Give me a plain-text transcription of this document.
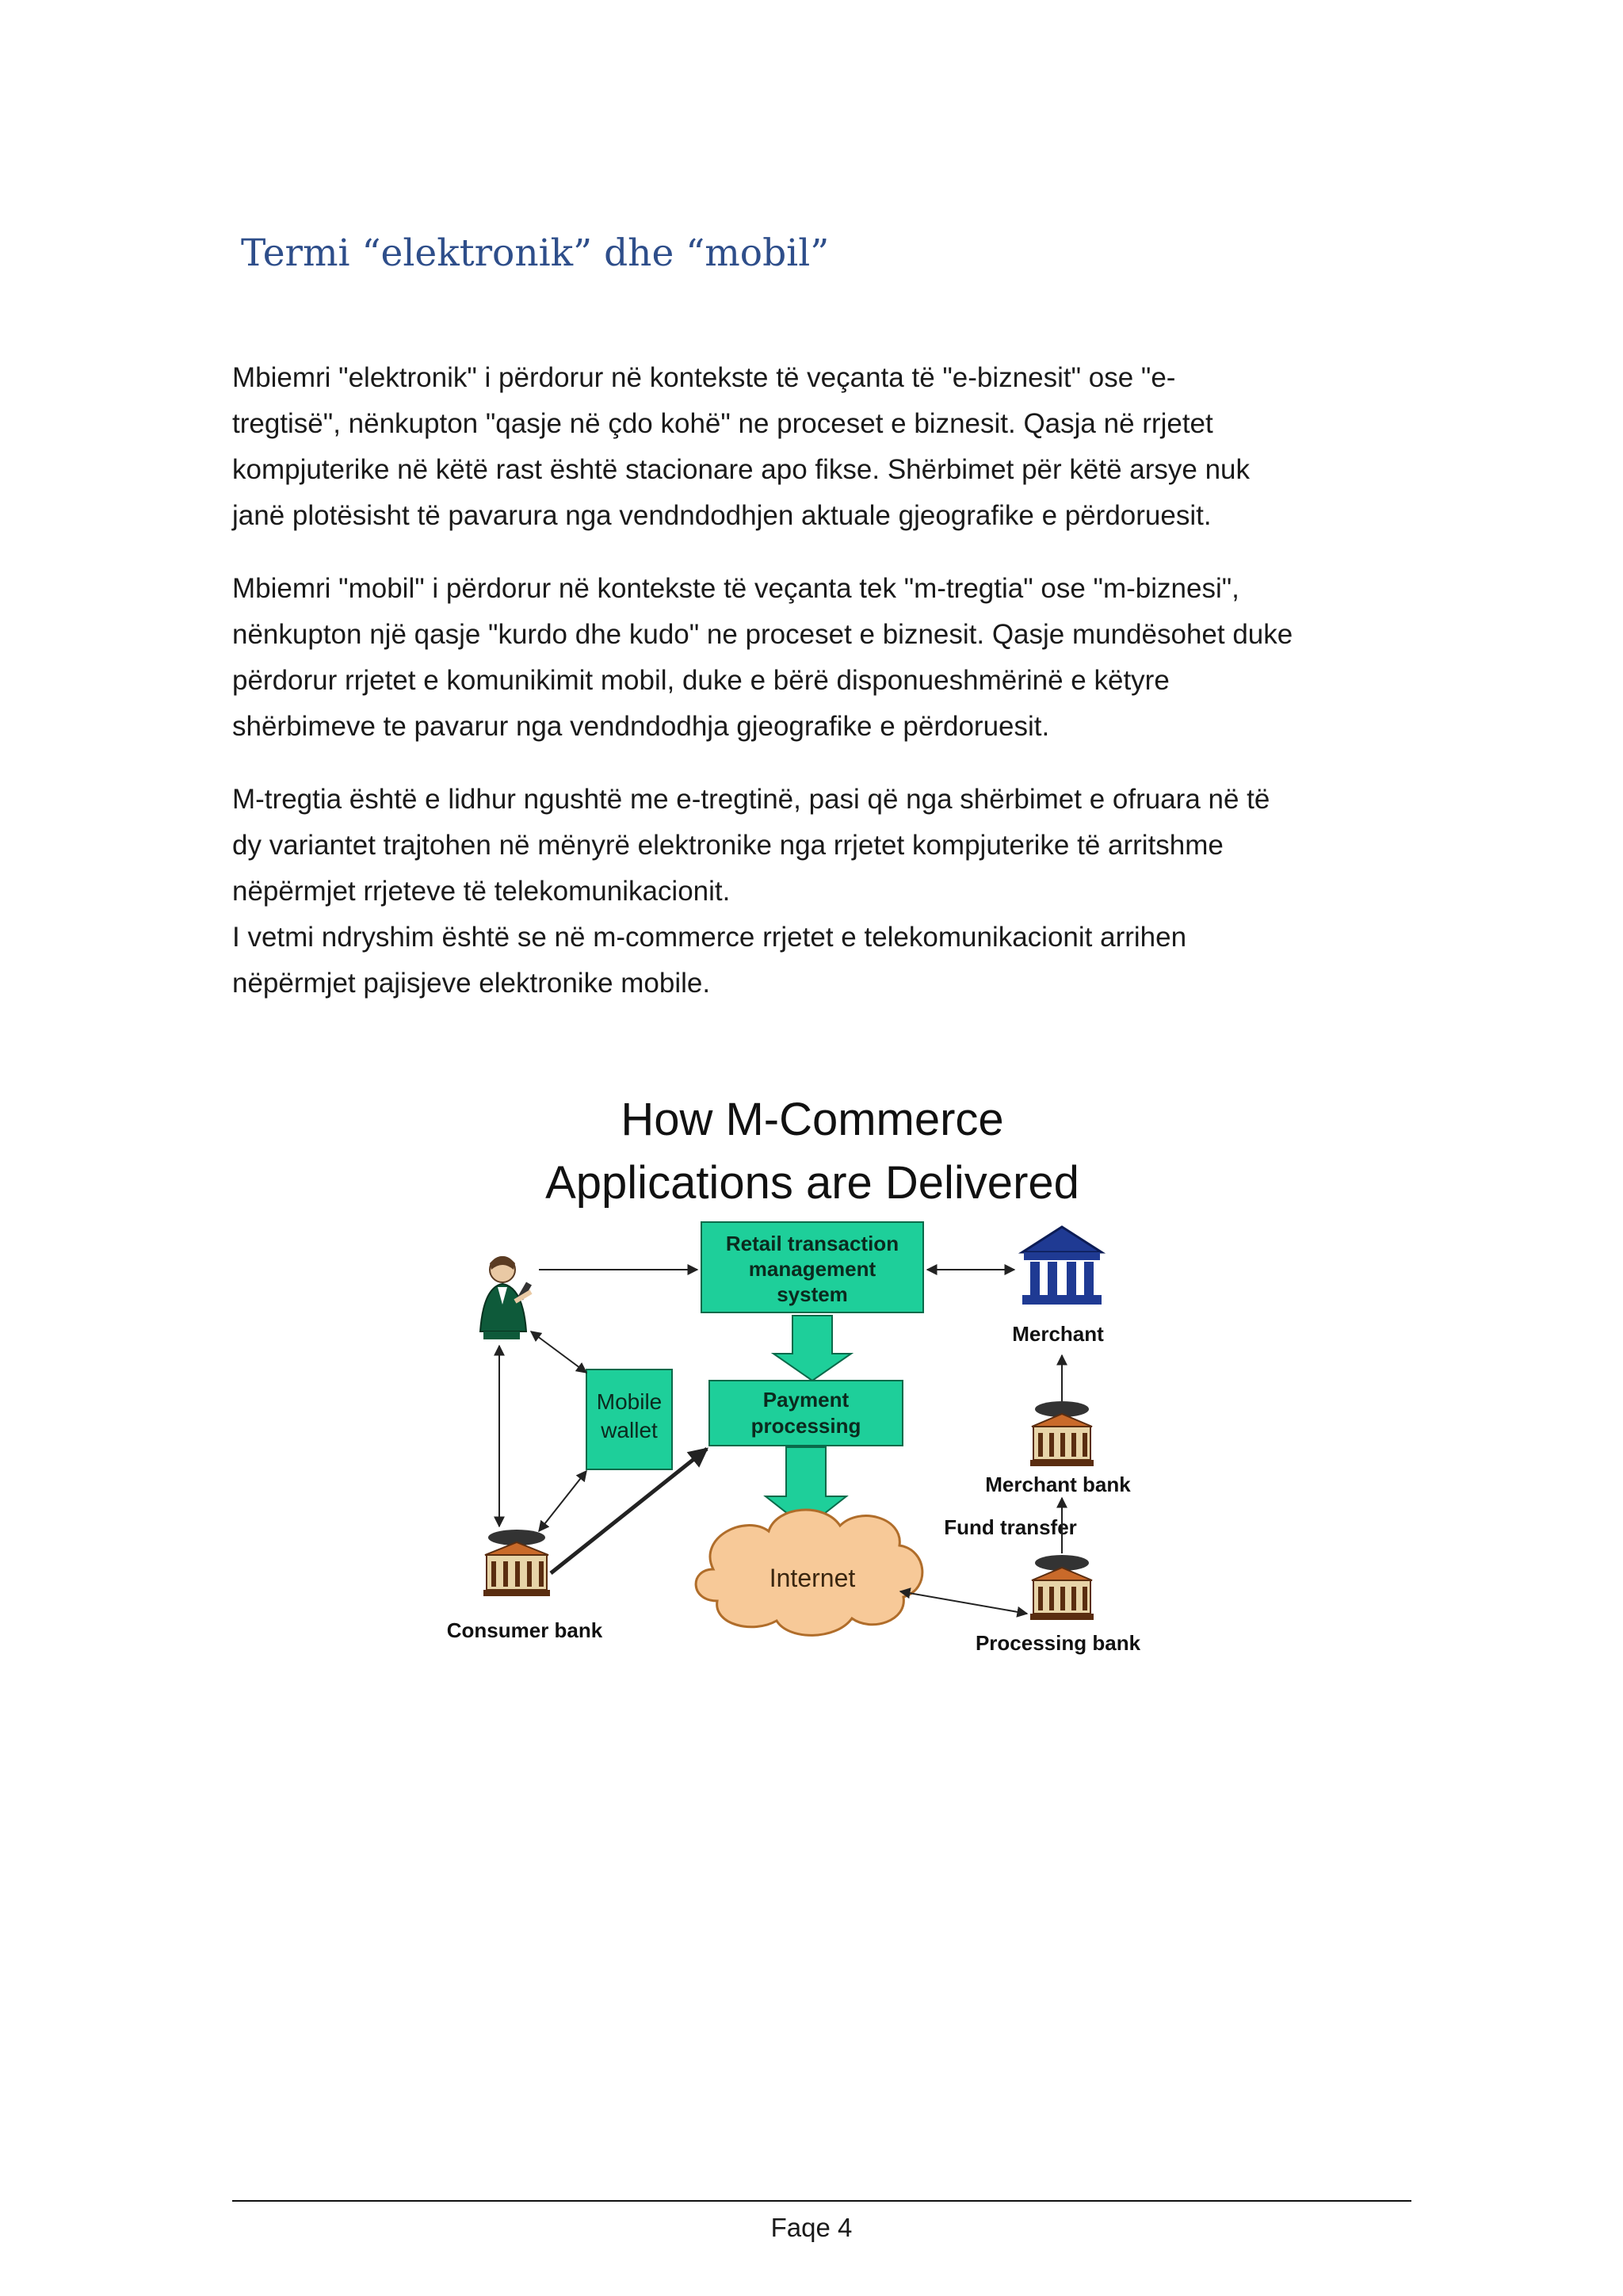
Termi “elektronik” dhe “mobil”

Mbiemri "elektronik" i përdorur në kontekste të veçanta të "e-biznesit" ose "e-
tregtisë", nënkupton "qasje në çdo kohë" ne proceset e biznesit. Qasja në rrjetet
kompjuterike në këtë rast është stacionare apo fikse. Shërbimet për këtë arsye nuk
janë plotësisht të pavarura nga vendndodhjen aktuale gjeografike e përdoruesit.

Mbiemri "mobil" i përdorur në kontekste të veçanta tek "m-tregtia" ose "m-biznesi",
nënkupton një qasje "kurdo dhe kudo" ne proceset e biznesit. Qasje mundësohet duke
përdorur rrjetet e komunikimit mobil, duke e bërë disponueshmërinë e këtyre
shërbimeve te pavarur nga vendndodhja gjeografike e përdoruesit.

M-tregtia është e lidhur ngushtë me e-tregtinë, pasi që nga shërbimet e ofruara në të
dy variantet trajtohen në mënyrë elektronike nga rrjetet kompjuterike të arritshme
nëpërmjet rrjeteve të telekomunikacionit.
I vetmi ndryshim është se në m-commerce rrjetet e telekomunikacionit arrihen
nëpërmjet pajisjeve elektronike mobile.

How M-Commerce
Applications are Delivered
Merchant
Retail transaction
management
system
Payment
processing
Mobile
wallet
Internet
Merchant bank
Fund transfer
Processing bank
Consumer bank
Faqe 4
